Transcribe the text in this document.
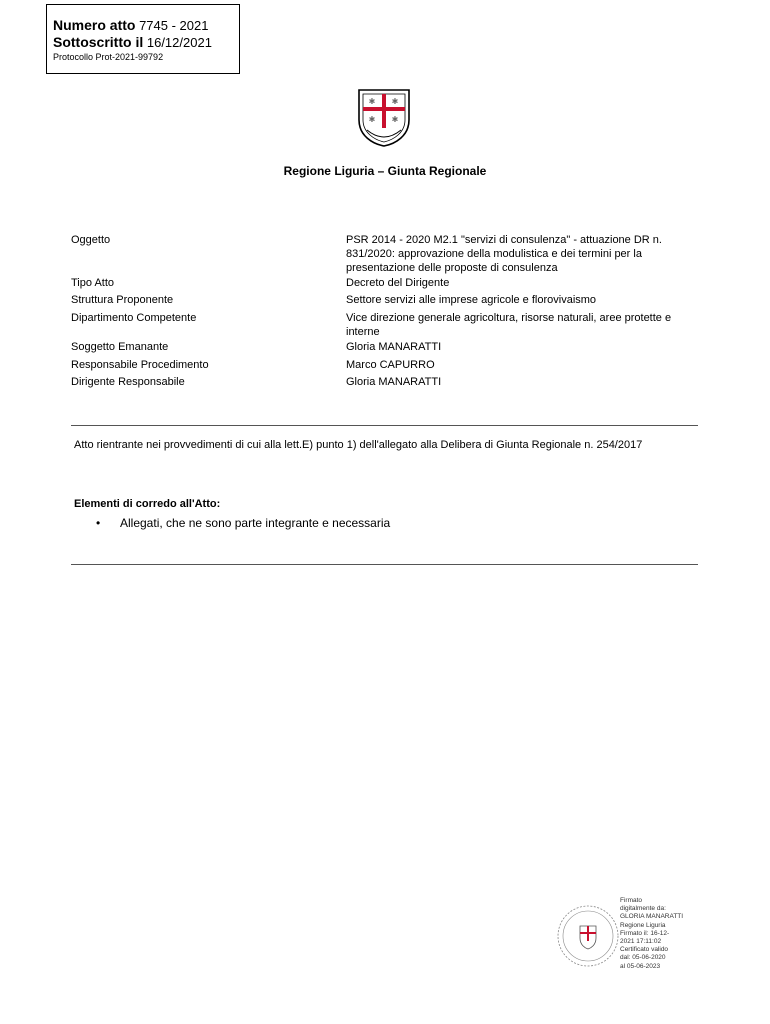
Numero atto 7745 - 2021
Sottoscritto il 16/12/2021
Protocollo Prot-2021-99792
✱ ✱
✱ ✱
Regione Liguria – Giunta Regionale
Oggetto	PSR 2014 - 2020 M2.1 "servizi di consulenza" - attuazione DR n. 831/2020: approvazione della modulistica e dei termini per la presentazione delle proposte di consulenza
Tipo Atto	Decreto del Dirigente
Struttura Proponente	Settore servizi alle imprese agricole e florovivaismo
Dipartimento Competente	Vice direzione generale agricoltura, risorse naturali, aree protette e interne
Soggetto Emanante	Gloria MANARATTI
Responsabile Procedimento	Marco CAPURRO
Dirigente Responsabile	Gloria MANARATTI
Atto rientrante nei provvedimenti di cui alla lett.E) punto 1) dell'allegato alla Delibera di Giunta Regionale n. 254/2017
Elementi di corredo all'Atto:
• Allegati, che ne sono parte integrante e necessaria
Firmato
digitalmente da:
GLORIA MANARATTI
Regione Liguria
Firmato il: 16-12-
2021 17:11:02
Certificato valido
dal: 05-06-2020
al 05-06-2023
